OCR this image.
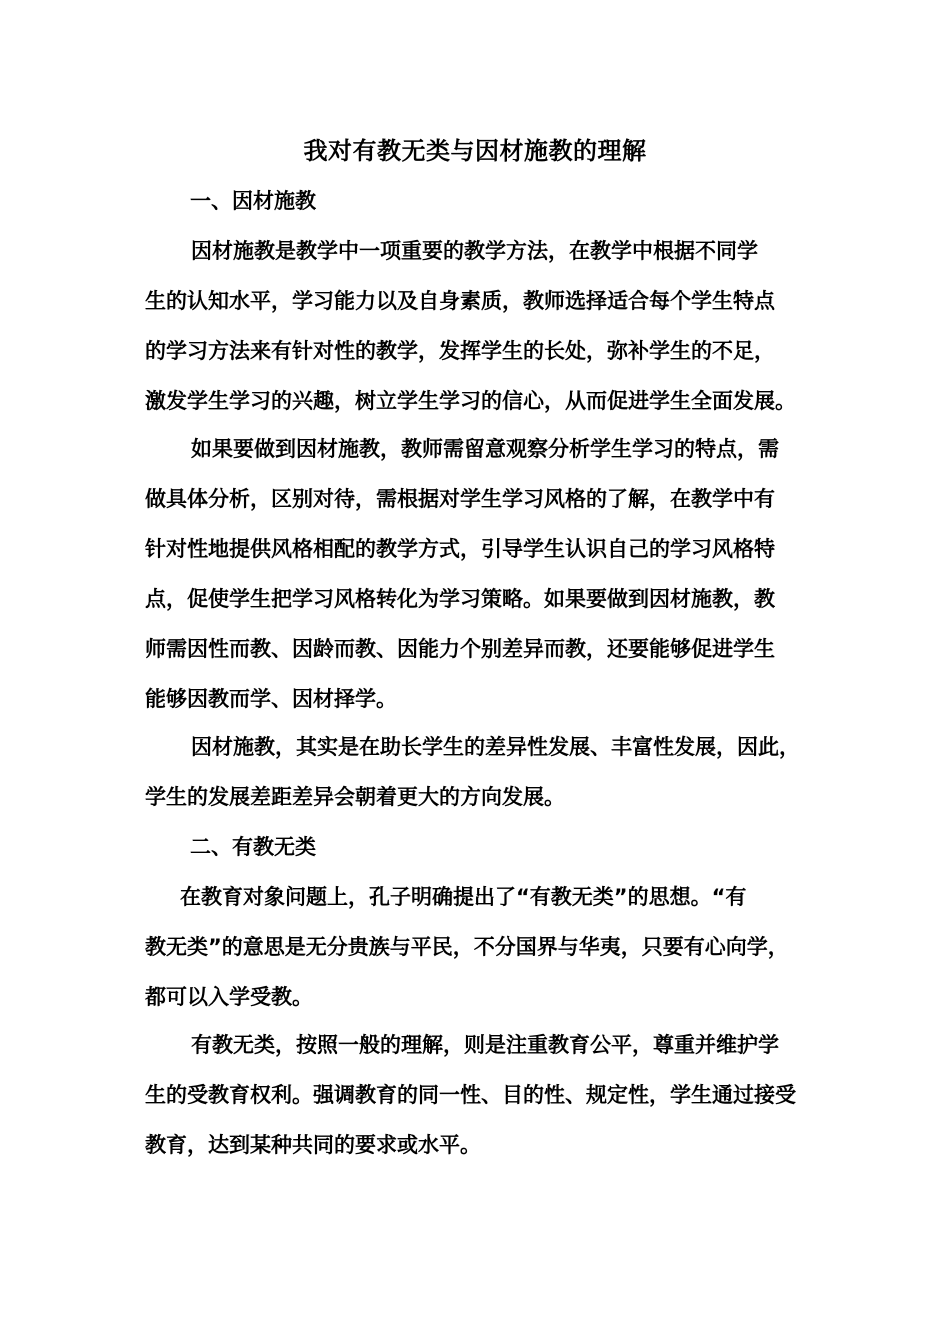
我对有教无类与因材施教的理解
一、因材施教
因材施教是教学中一项重要的教学方法，在教学中根据不同学
生的认知水平，学习能力以及自身素质，教师选择适合每个学生特点
的学习方法来有针对性的教学，发挥学生的长处，弥补学生的不足，
激发学生学习的兴趣，树立学生学习的信心，从而促进学生全面发展。
如果要做到因材施教，教师需留意观察分析学生学习的特点，需
做具体分析，区别对待，需根据对学生学习风格的了解，在教学中有
针对性地提供风格相配的教学方式，引导学生认识自己的学习风格特
点，促使学生把学习风格转化为学习策略。如果要做到因材施教，教
师需因性而教、因龄而教、因能力个别差异而教，还要能够促进学生
能够因教而学、因材择学。
因材施教，其实是在助长学生的差异性发展、丰富性发展，因此，
学生的发展差距差异会朝着更大的方向发展。
二、有教无类
在教育对象问题上，孔子明确提出了“有教无类”的思想。“有
教无类”的意思是无分贵族与平民，不分国界与华夷，只要有心向学，
都可以入学受教。
有教无类，按照一般的理解，则是注重教育公平，尊重并维护学
生的受教育权利。强调教育的同一性、目的性、规定性，学生通过接受
教育，达到某种共同的要求或水平。
